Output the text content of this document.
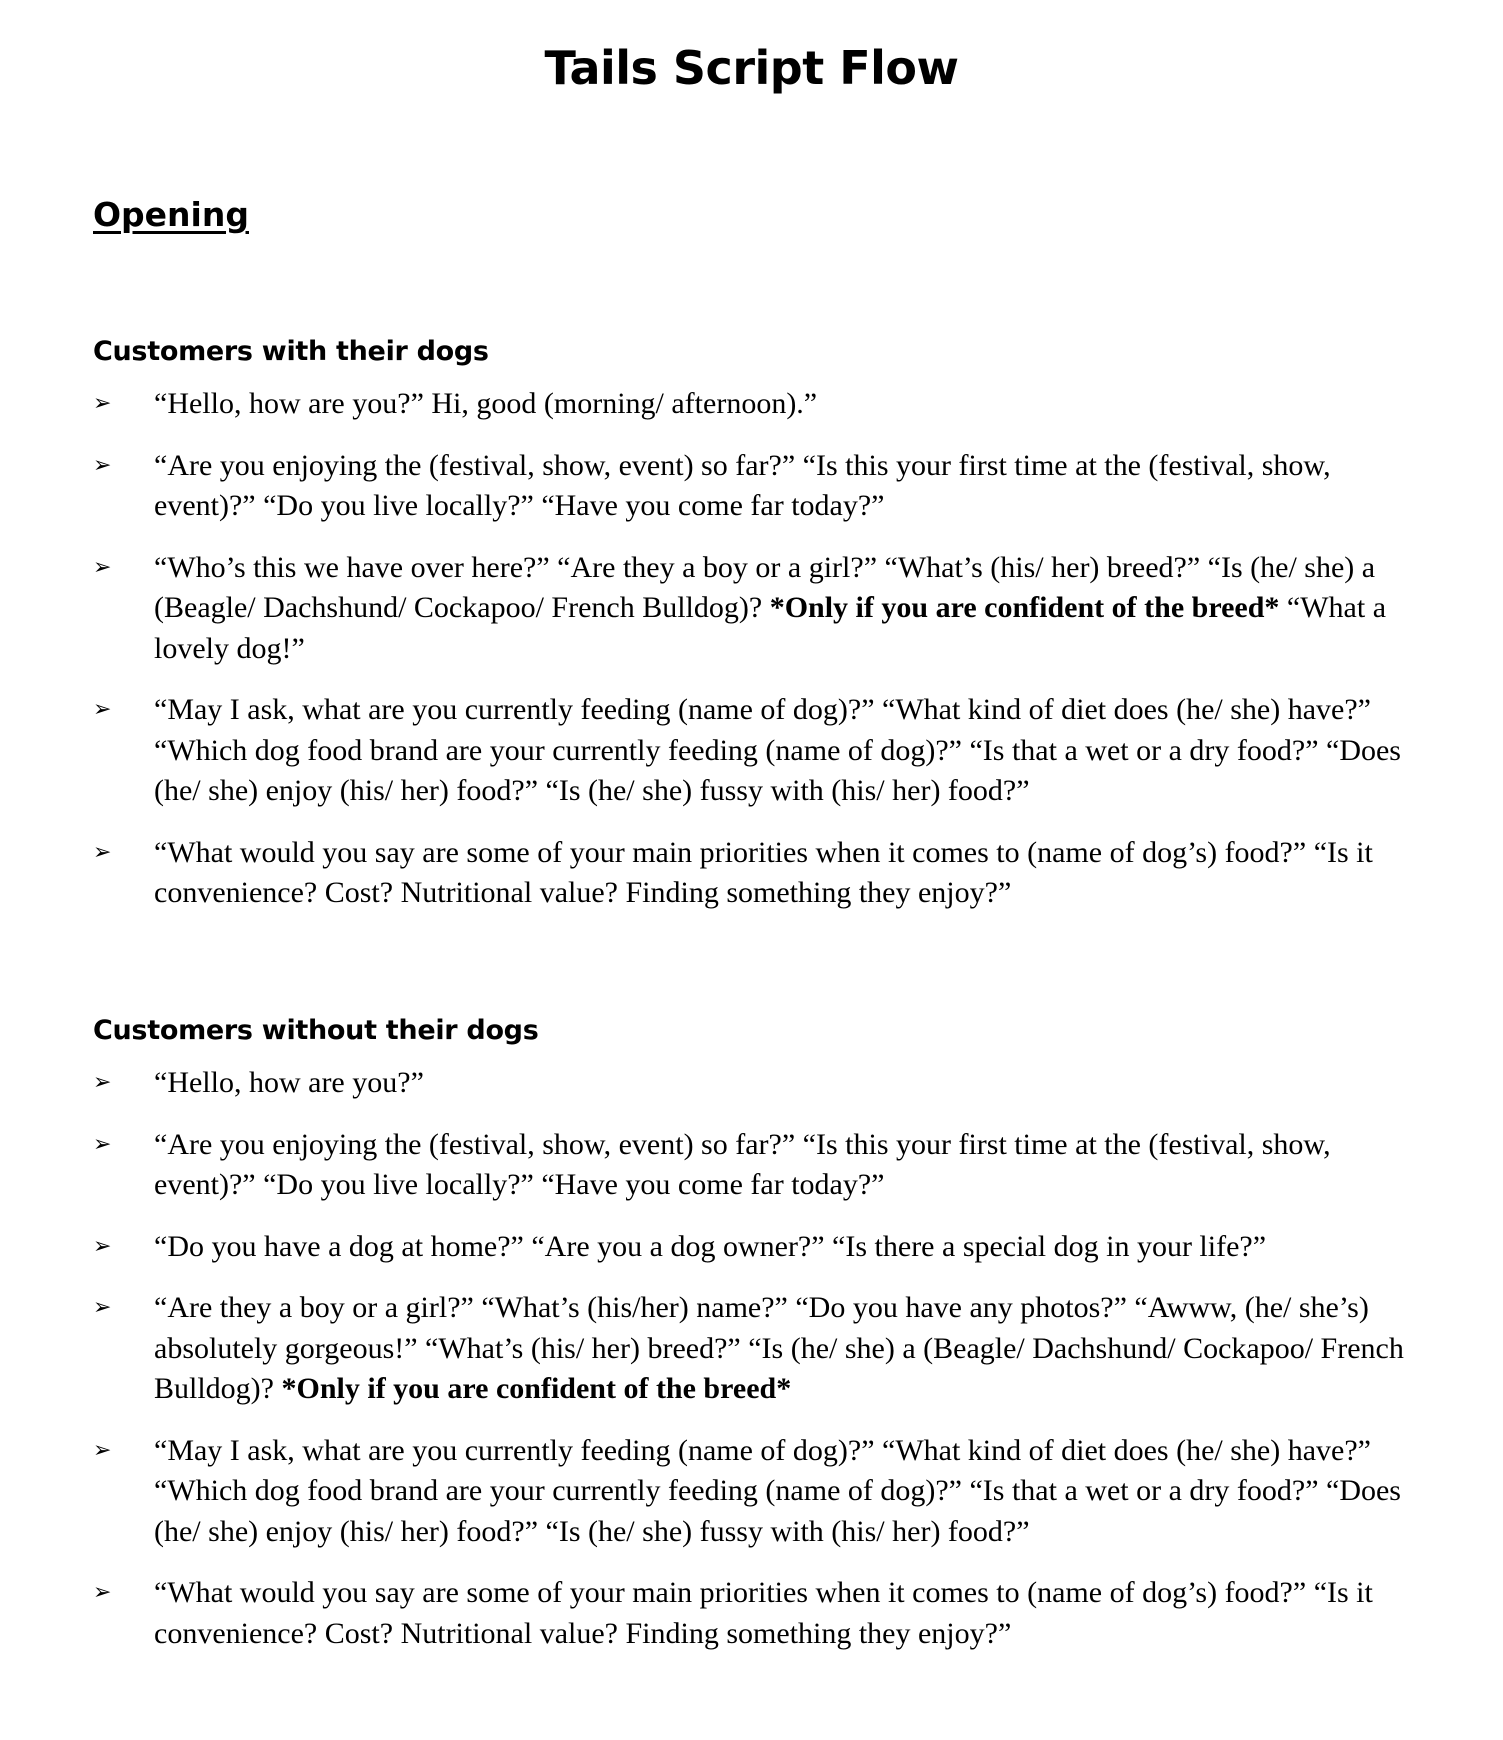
Tails Script Flow
Opening
Customers with their dogs
➢ “Hello, how are you?” Hi, good (morning/ afternoon).”
➢ “Are you enjoying the (festival, show, event) so far?” “Is this your first time at the (festival, show, event)?” “Do you live locally?” “Have you come far today?”
➢ “Who’s this we have over here?” “Are they a boy or a girl?” “What’s (his/ her) breed?” “Is (he/ she) a (Beagle/ Dachshund/ Cockapoo/ French Bulldog)? *Only if you are confident of the breed* “What a lovely dog!”
➢ “May I ask, what are you currently feeding (name of dog)?” “What kind of diet does (he/ she) have?” “Which dog food brand are your currently feeding (name of dog)?” “Is that a wet or a dry food?” “Does (he/ she) enjoy (his/ her) food?” “Is (he/ she) fussy with (his/ her) food?”
➢ “What would you say are some of your main priorities when it comes to (name of dog’s) food?” “Is it convenience? Cost? Nutritional value? Finding something they enjoy?”
Customers without their dogs
➢ “Hello, how are you?”
➢ “Are you enjoying the (festival, show, event) so far?” “Is this your first time at the (festival, show, event)?” “Do you live locally?” “Have you come far today?”
➢ “Do you have a dog at home?” “Are you a dog owner?” “Is there a special dog in your life?”
➢ “Are they a boy or a girl?” “What’s (his/her) name?” “Do you have any photos?” “Awww, (he/ she’s) absolutely gorgeous!” “What’s (his/ her) breed?” “Is (he/ she) a (Beagle/ Dachshund/ Cockapoo/ French Bulldog)? *Only if you are confident of the breed*
➢ “May I ask, what are you currently feeding (name of dog)?” “What kind of diet does (he/ she) have?” “Which dog food brand are your currently feeding (name of dog)?” “Is that a wet or a dry food?” “Does (he/ she) enjoy (his/ her) food?” “Is (he/ she) fussy with (his/ her) food?”
➢ “What would you say are some of your main priorities when it comes to (name of dog’s) food?” “Is it convenience? Cost? Nutritional value? Finding something they enjoy?”
